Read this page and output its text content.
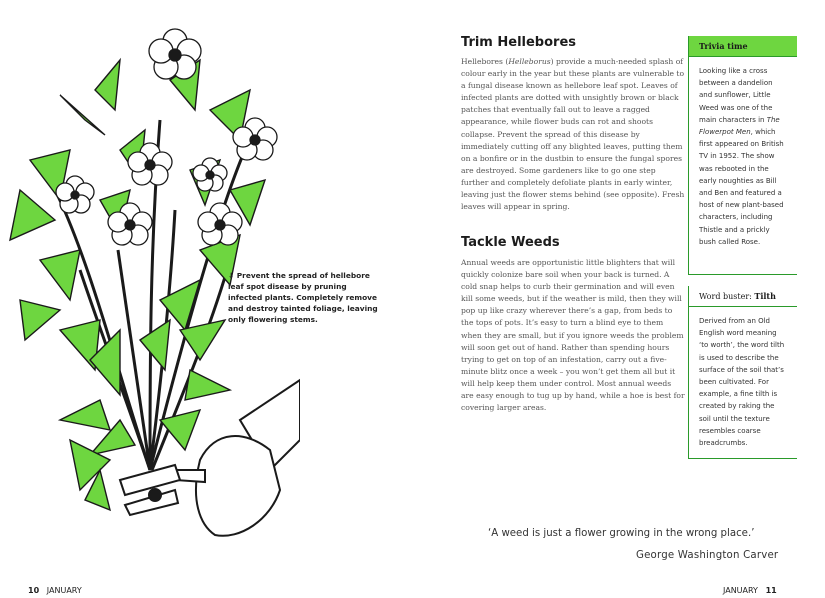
↓ Prevent the spread of hellebore leaf spot disease by pruning infected plants. Completely remove and destroy tainted foliage, leaving only flowering stems.
Trim Hellebores

Hellebores (Helleborus) provide a much-needed splash of colour early in the year but these plants are vulnerable to a fungal disease known as hellebore leaf spot. Leaves of infected plants are dotted with unsightly brown or black patches that eventually fall out to leave a ragged appearance, while flower buds can rot and shoots collapse. Prevent the spread of this disease by immediately cutting off any blighted leaves, putting them on a bonfire or in the dustbin to ensure the fungal spores are destroyed. Some gardeners like to go one step further and completely defoliate plants in early winter, leaving just the flower stems behind (see opposite). Fresh leaves will appear in spring.

Tackle Weeds

Annual weeds are opportunistic little blighters that will quickly colonize bare soil when your back is turned. A cold snap helps to curb their germination and will even kill some weeds, but if the weather is mild, then they will pop up like crazy wherever there’s a gap, from beds to the tops of pots. It’s easy to turn a blind eye to them when they are small, but if you ignore weeds the problem will soon get out of hand. Rather than spending hours trying to get on top of an infestation, carry out a five-minute blitz once a week – you won’t get them all but it will help keep them under control. Most annual weeds are easy enough to tug up by hand, while a hoe is best for covering larger areas.

Trivia time
Looking like a cross between a dandelion and sunflower, Little Weed was one of the main characters in The Flowerpot Men, which first appeared on British TV in 1952. The show was rebooted in the early noughties as Bill and Ben and featured a host of new plant-based characters, including Thistle and a prickly bush called Rose.
Word buster: Tilth
Derived from an Old English word meaning ‘to worth’, the word tilth is used to describe the surface of the soil that’s been cultivated. For example, a fine tilth is created by raking the soil until the texture resembles coarse breadcrumbs.
‘A weed is just a flower growing in the wrong place.’
George Washington Carver
10 JANUARY	JANUARY 11
